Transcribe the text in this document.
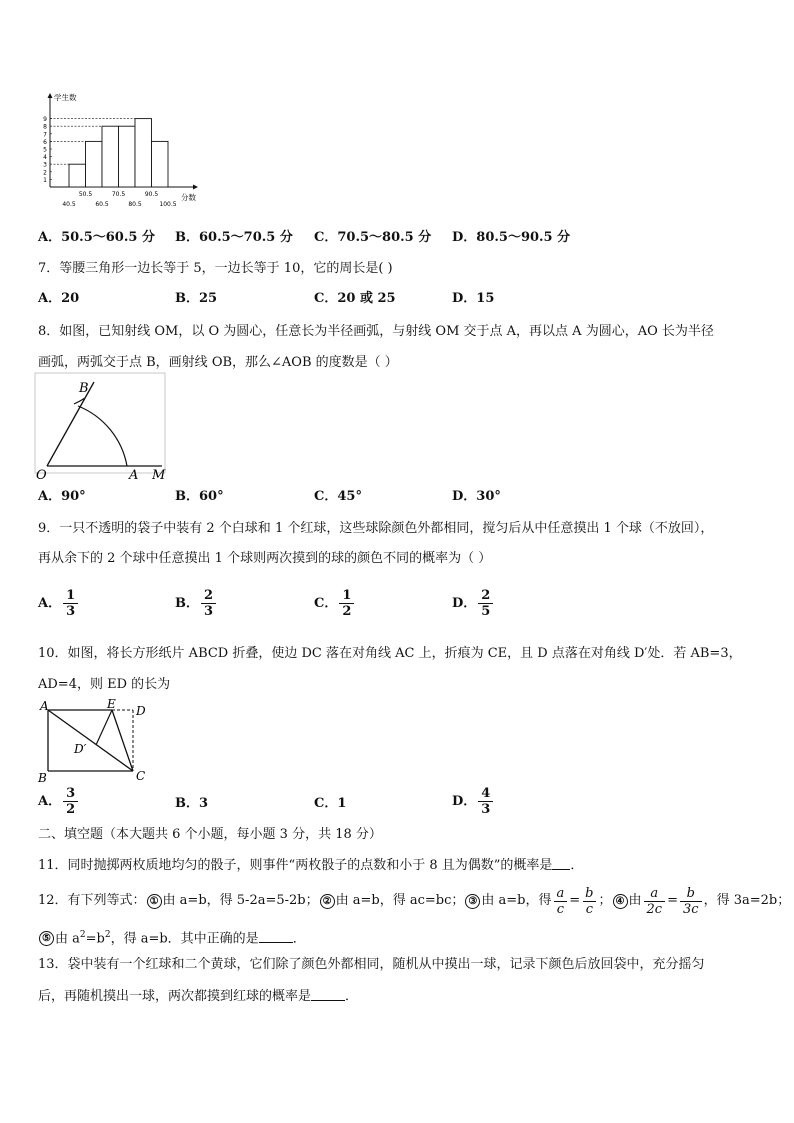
学生数
分数
1
2
3
4
5
6
7
8
9
40.5
50.5
60.5
70.5
80.5
90.5
100.5
A．50.5～60.5 分 B．60.5～70.5 分 C．70.5～80.5 分 D．80.5～90.5 分
7．等腰三角形一边长等于 5，一边长等于 10，它的周长是( )
A．20	B．25	C．20 或 25	D．15
8．如图，已知射线 OM，以 O 为圆心，任意长为半径画弧，与射线 OM 交于点 A，再以点 A 为圆心，AO 长为半径
画弧，两弧交于点 B，画射线 OB，那么∠AOB 的度数是（ ）
B
O	A M
A．90°	B．60°	C．45°	D．30°
9．一只不透明的袋子中装有 2 个白球和 1 个红球，这些球除颜色外都相同，搅匀后从中任意摸出 1 个球（不放回），
再从余下的 2 个球中任意摸出 1 个球则两次摸到的球的颜色不同的概率为（ ）
A． $\frac{1}{3}$	B． $\frac{2}{3}$	C． $\frac{1}{2}$	D． $\frac{2}{5}$
10．如图，将长方形纸片 ABCD 折叠，使边 DC 落在对角线 AC 上，折痕为 CE，且 D 点落在对角线 D′处．若 AB=3，
AD=4，则 ED 的长为
A	E D
D′
B	C
A． $\frac{3}{2}$	B．3	C．1	D． $\frac{4}{3}$
二、填空题（本大题共 6 个小题，每小题 3 分，共 18 分）
11．同时抛掷两枚质地均匀的骰子，则事件“两枚骰子的点数和小于 8 且为偶数”的概率是 ．
12．有下列等式： ① 由 a=b，得 5-2a=5-2b； ② 由 a=b，得 ac=bc； ③ 由 a=b，得 $\frac{a}{c} = \frac{b}{c}$ ； ④ 由 $\frac{a}{2c} = \frac{b}{3c}$ ，得 3a=2b；
⑤ 由 $a^2=b^2$，得 a=b．其中正确的是	．
13．袋中装有一个红球和二个黄球，它们除了颜色外都相同，随机从中摸出一球，记录下颜色后放回袋中，充分摇匀
后，再随机摸出一球，两次都摸到红球的概率是	．
